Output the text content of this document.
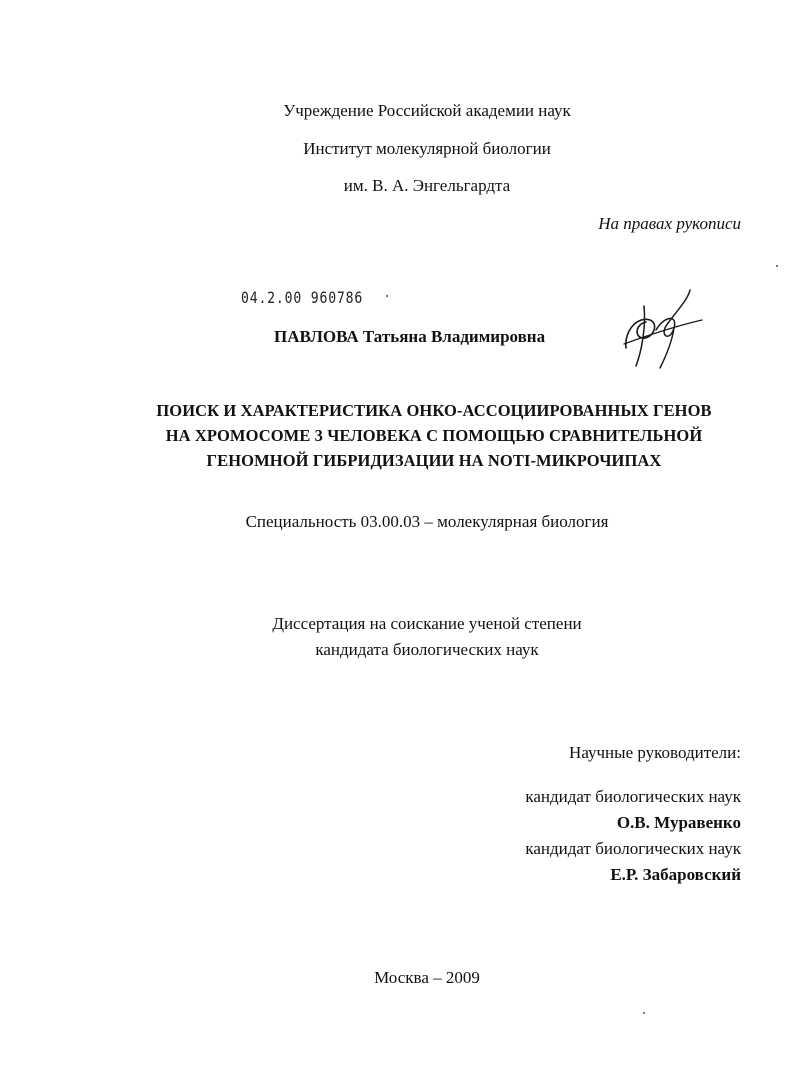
Учреждение Российской академии наук
Институт молекулярной биологии
им. В. А. Энгельгардта
На правах рукописи
04.2.00 960786
ПАВЛОВА Татьяна Владимировна
ПОИСК И ХАРАКТЕРИСТИКА ОНКО-АССОЦИИРОВАННЫХ ГЕНОВ
НА ХРОМОСОМЕ 3 ЧЕЛОВЕКА С ПОМОЩЬЮ СРАВНИТЕЛЬНОЙ
ГЕНОМНОЙ ГИБРИДИЗАЦИИ НА NOTI-МИКРОЧИПАХ
Специальность 03.00.03 – молекулярная биология
Диссертация на соискание ученой степени
кандидата биологических наук
Научные руководители:
кандидат биологических наук
О.В. Муравенко
кандидат биологических наук
Е.Р. Забаровский
Москва – 2009
